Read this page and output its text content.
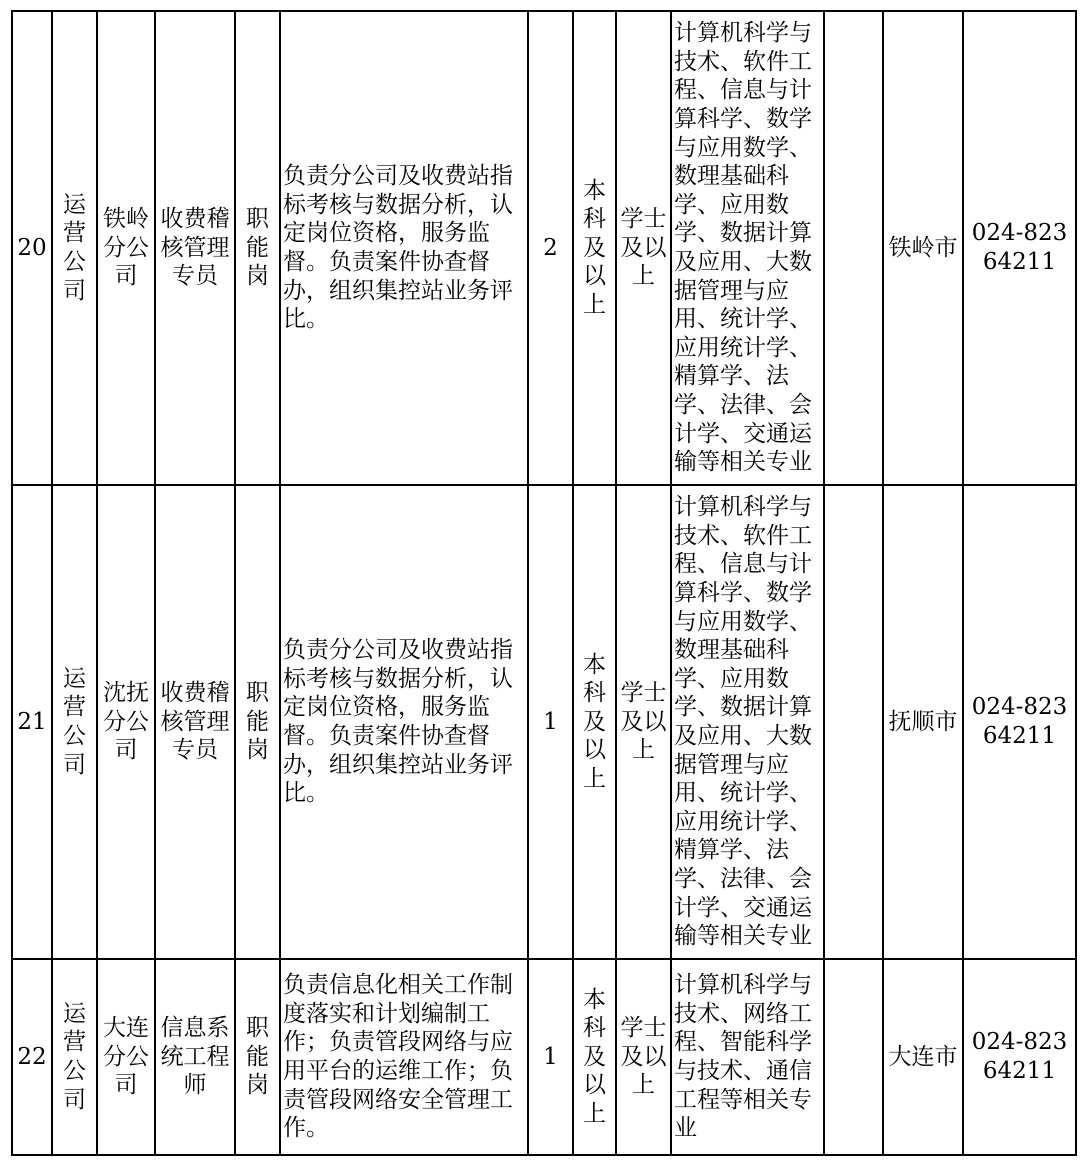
20	运营公司	铁岭分公司	收费稽核管理专员	职能岗	负责分公司及收费站指标考核与数据分析，认定岗位资格，服务监督。负责案件协查督办，组织集控站业务评比。	2	本科及以上	学士及以上	计算机科学与技术、软件工程、信息与计算科学、数学与应用数学、数理基础科学、应用数学、数据计算及应用、大数据管理与应用、统计学、应用统计学、精算学、法学、法律、会计学、交通运输等相关专业		铁岭市	024-82364211
21	运营公司	沈抚分公司	收费稽核管理专员	职能岗	负责分公司及收费站指标考核与数据分析，认定岗位资格，服务监督。负责案件协查督办，组织集控站业务评比。	1	本科及以上	学士及以上	计算机科学与技术、软件工程、信息与计算科学、数学与应用数学、数理基础科学、应用数学、数据计算及应用、大数据管理与应用、统计学、应用统计学、精算学、法学、法律、会计学、交通运输等相关专业		抚顺市	024-82364211
22	运营公司	大连分公司	信息系统工程师	职能岗	负责信息化相关工作制度落实和计划编制工作；负责管段网络与应用平台的运维工作；负责管段网络安全管理工作。	1	本科及以上	学士及以上	计算机科学与技术、网络工程、智能科学与技术、通信工程等相关专业		大连市	024-82364211
